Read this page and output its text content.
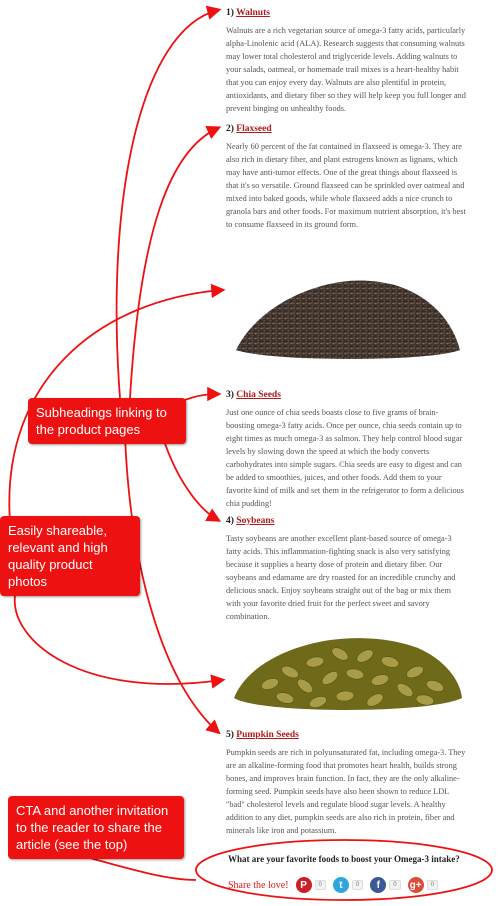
1) Walnuts

Walnuts are a rich vegetarian source of omega-3 fatty acids, particularly alpha-Linolenic acid (ALA). Research suggests that consuming walnuts may lower total cholesterol and triglyceride levels. Adding walnuts to your salads, oatmeal, or homemade trail mixes is a heart-healthy habit that you can enjoy every day. Walnuts are also plentiful in protein, antioxidants, and dietary fiber so they will help keep you full longer and prevent binging on unhealthy foods.

2) Flaxseed

Nearly 60 percent of the fat contained in flaxseed is omega-3. They are also rich in dietary fiber, and plant estrogens known as lignans, which may have anti-tumor effects. One of the great things about flaxseed is that it's so versatile. Ground flaxseed can be sprinkled over oatmeal and mixed into baked goods, while whole flaxseed adds a nice crunch to granola bars and other foods. For maximum nutrient absorption, it's best to consume flaxseed in its ground form.

3) Chia Seeds

Just one ounce of chia seeds boasts close to five grams of brain-boosting omega-3 fatty acids. Once per ounce, chia seeds contain up to eight times as much omega-3 as salmon. They help control blood sugar levels by slowing down the speed at which the body converts carbohydrates into simple sugars. Chia seeds are easy to digest and can be added to smoothies, juices, and other foods. Add them to your favorite kind of milk and set them in the refrigerator to form a delicious chia pudding!

4) Soybeans

Tasty soybeans are another excellent plant-based source of omega-3 fatty acids. This inflammation-fighting snack is also very satisfying because it supplies a hearty dose of protein and dietary fiber. Our soybeans and edamame are dry roasted for an incredible crunchy and delicious snack. Enjoy soybeans straight out of the bag or mix them with your favorite dried fruit for the perfect sweet and savory combination.

5) Pumpkin Seeds

Pumpkin seeds are rich in polyunsaturated fat, including omega-3. They are an alkaline-forming food that promotes heart health, builds strong bones, and improves brain function. In fact, they are the only alkaline-forming seed. Pumpkin seeds have also been shown to reduce LDL "bad" cholesterol levels and regulate blood sugar levels. A healthy addition to any diet, pumpkin seeds are also rich in protein, fiber and minerals like iron and potassium.

What are your favorite foods to boost your Omega-3 intake?
Share the love!	P	0	t	0	f	0	g+	0
Subheadings linking to the product pages
Easily shareable, relevant and high quality product photos
CTA and another invitation to the reader to share the article (see the top)
